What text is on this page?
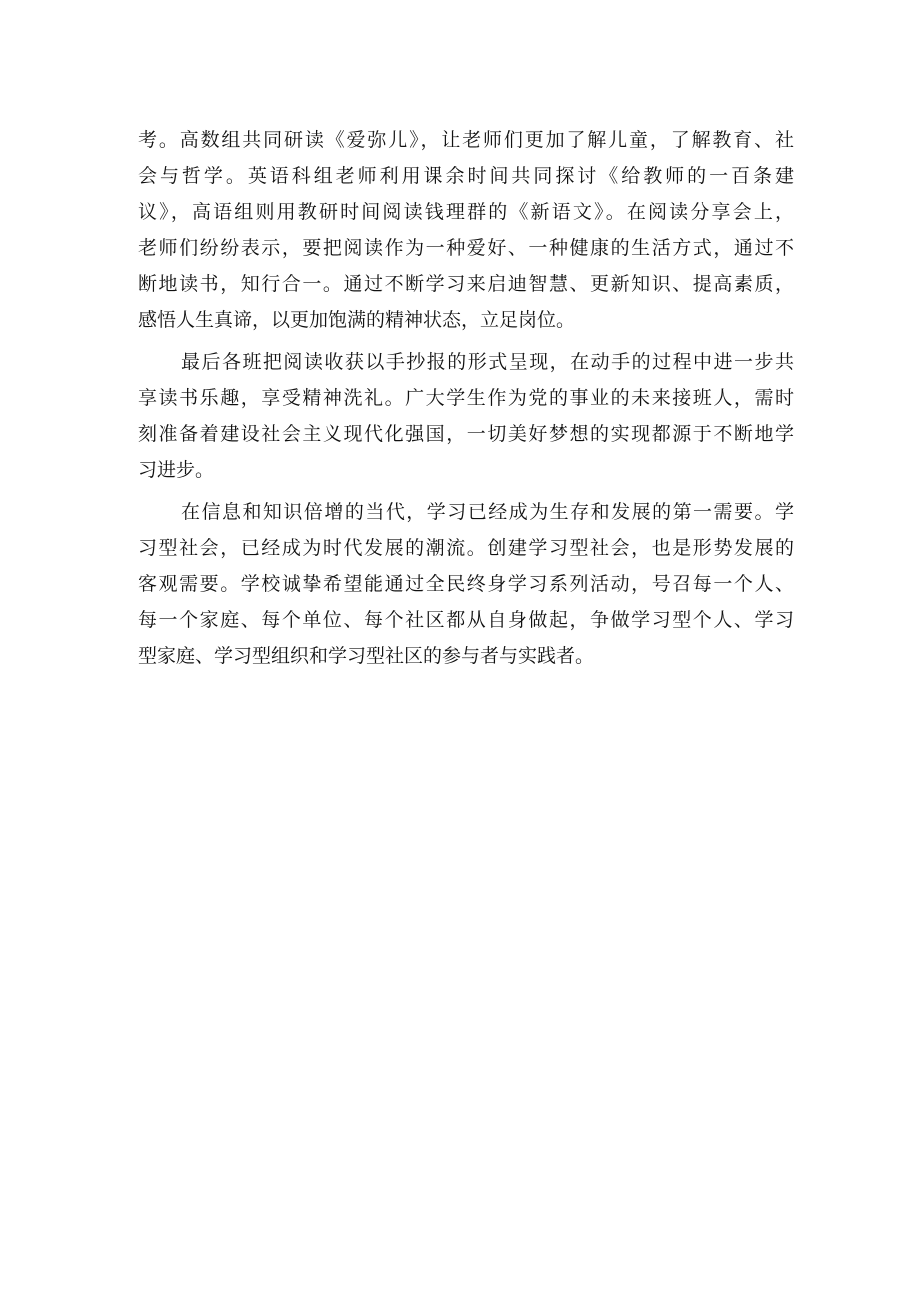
考。高数组共同研读《爱弥儿》，让老师们更加了解儿童，了解教育、社
会与哲学。英语科组老师利用课余时间共同探讨《给教师的一百条建
议》，高语组则用教研时间阅读钱理群的《新语文》。在阅读分享会上，
老师们纷纷表示，要把阅读作为一种爱好、一种健康的生活方式，通过不
断地读书，知行合一。通过不断学习来启迪智慧、更新知识、提高素质，
感悟人生真谛，以更加饱满的精神状态，立足岗位。
最后各班把阅读收获以手抄报的形式呈现，在动手的过程中进一步共
享读书乐趣，享受精神洗礼。广大学生作为党的事业的未来接班人，需时
刻准备着建设社会主义现代化强国，一切美好梦想的实现都源于不断地学
习进步。
在信息和知识倍增的当代，学习已经成为生存和发展的第一需要。学
习型社会，已经成为时代发展的潮流。创建学习型社会，也是形势发展的
客观需要。学校诚挚希望能通过全民终身学习系列活动，号召每一个人、
每一个家庭、每个单位、每个社区都从自身做起，争做学习型个人、学习
型家庭、学习型组织和学习型社区的参与者与实践者。
